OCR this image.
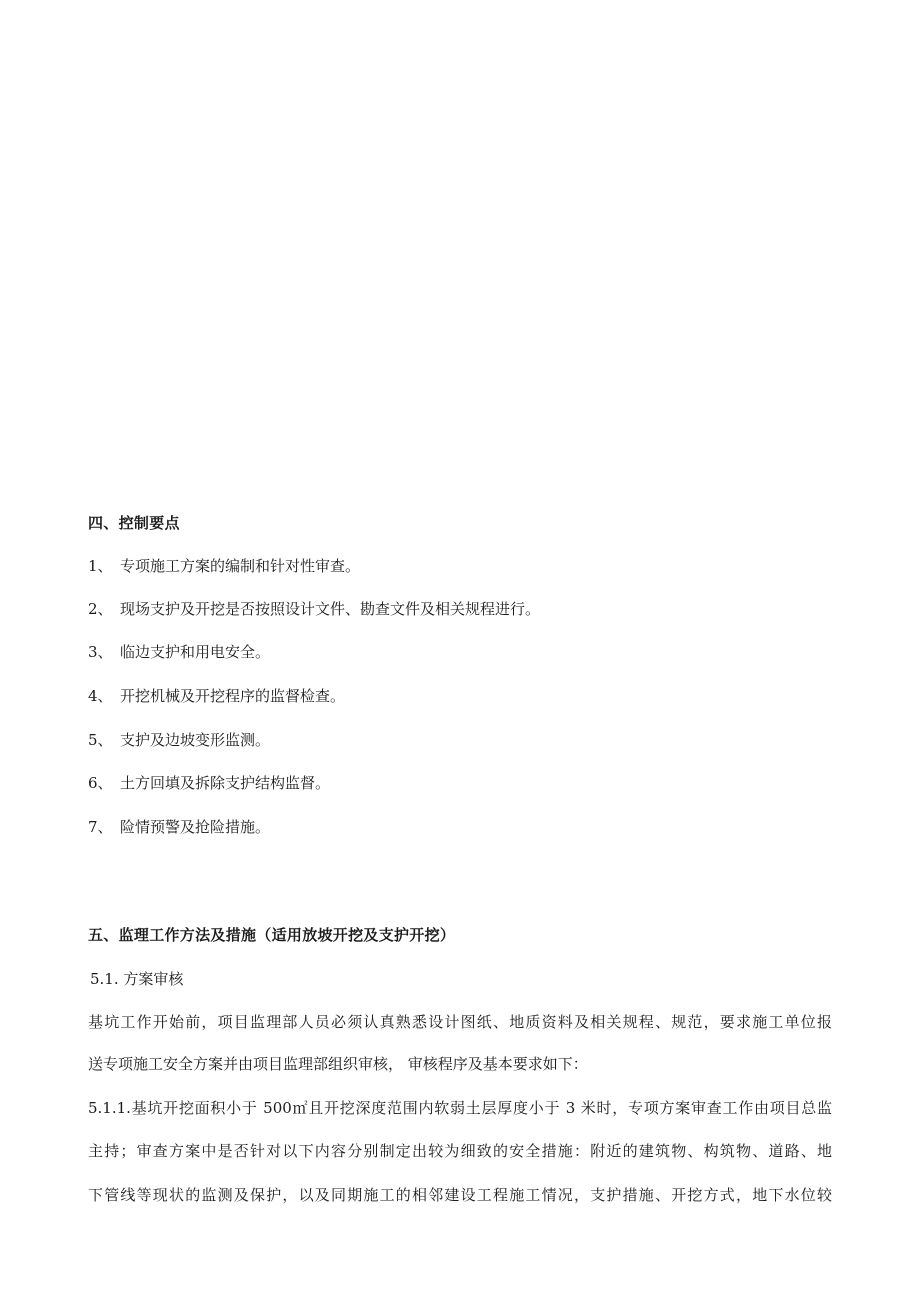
四、控制要点
1、 专项施工方案的编制和针对性审查。
2、 现场支护及开挖是否按照设计文件、勘查文件及相关规程进行。
3、 临边支护和用电安全。
4、 开挖机械及开挖程序的监督检查。
5、 支护及边坡变形监测。
6、 土方回填及拆除支护结构监督。
7、 险情预警及抢险措施。
五、监理工作方法及措施（适用放坡开挖及支护开挖）
5.1. 方案审核
基坑工作开始前，项目监理部人员必须认真熟悉设计图纸、地质资料及相关规程、规范，要求施工单位报
送专项施工安全方案并由项目监理部组织审核， 审核程序及基本要求如下：
5.1.1.基坑开挖面积小于 500㎡且开挖深度范围内软弱土层厚度小于 3 米时，专项方案审查工作由项目总监
主持；审查方案中是否针对以下内容分别制定出较为细致的安全措施：附近的建筑物、构筑物、道路、地
下管线等现状的监测及保护，以及同期施工的相邻建设工程施工情况，支护措施、开挖方式，地下水位较
